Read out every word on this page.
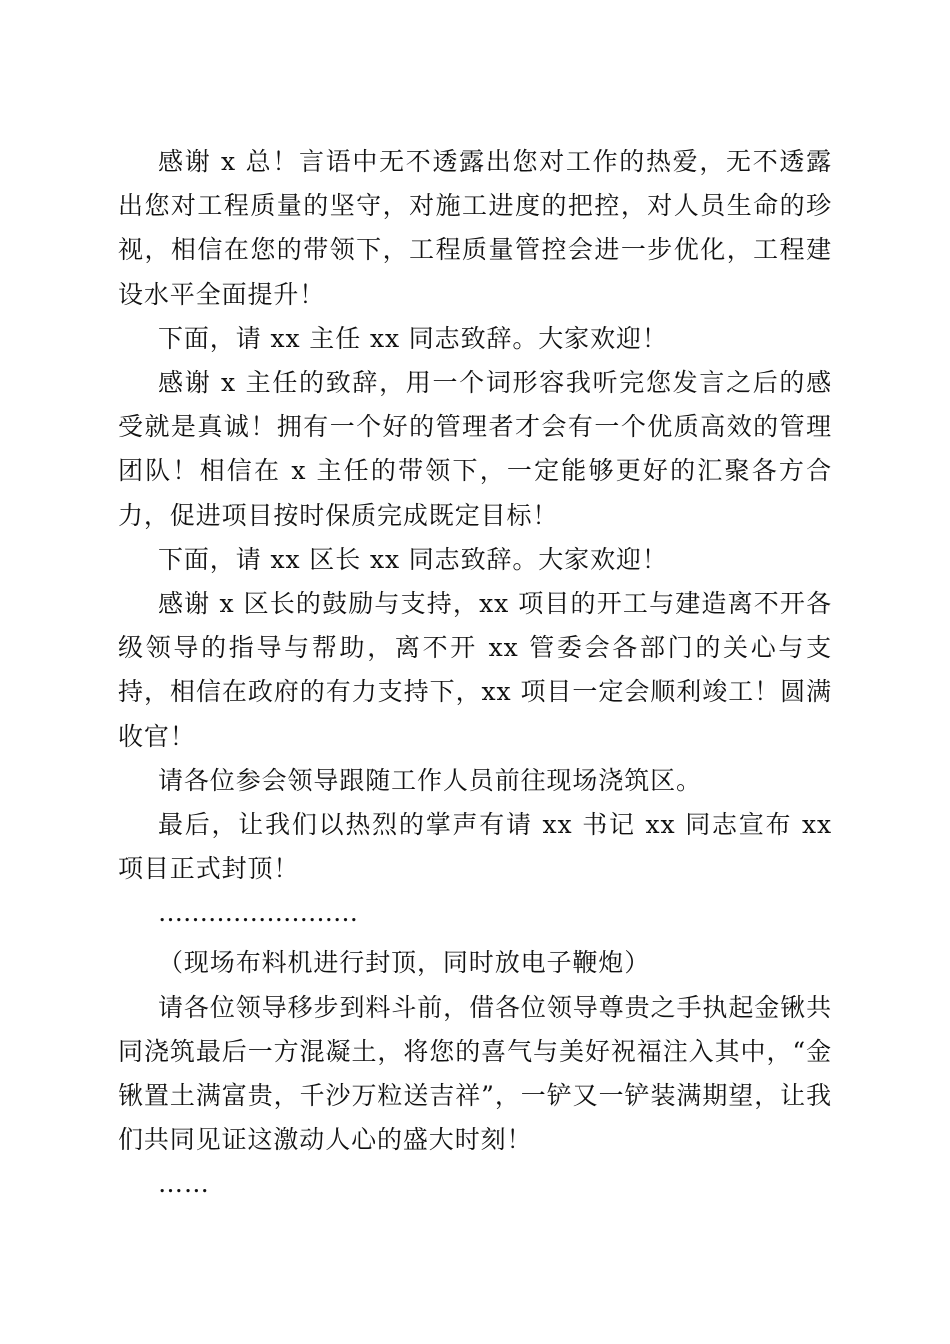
感谢 x 总！言语中无不透露出您对工作的热爱，无不透露出您对工程质量的坚守，对施工进度的把控，对人员生命的珍视，相信在您的带领下，工程质量管控会进一步优化，工程建设水平全面提升！

下面，请 xx 主任 xx 同志致辞。大家欢迎！

感谢 x 主任的致辞，用一个词形容我听完您发言之后的感受就是真诚！拥有一个好的管理者才会有一个优质高效的管理团队！相信在 x 主任的带领下，一定能够更好的汇聚各方合力，促进项目按时保质完成既定目标！

下面，请 xx 区长 xx 同志致辞。大家欢迎！

感谢 x 区长的鼓励与支持，xx 项目的开工与建造离不开各级领导的指导与帮助，离不开 xx 管委会各部门的关心与支持，相信在政府的有力支持下，xx 项目一定会顺利竣工！圆满收官！

请各位参会领导跟随工作人员前往现场浇筑区。

最后，让我们以热烈的掌声有请 xx 书记 xx 同志宣布 xx 项目正式封顶！

……………………

（现场布料机进行封顶，同时放电子鞭炮）

请各位领导移步到料斗前，借各位领导尊贵之手执起金锹共同浇筑最后一方混凝土，将您的喜气与美好祝福注入其中，“金锹置土满富贵，千沙万粒送吉祥”，一铲又一铲装满期望，让我们共同见证这激动人心的盛大时刻！

……
